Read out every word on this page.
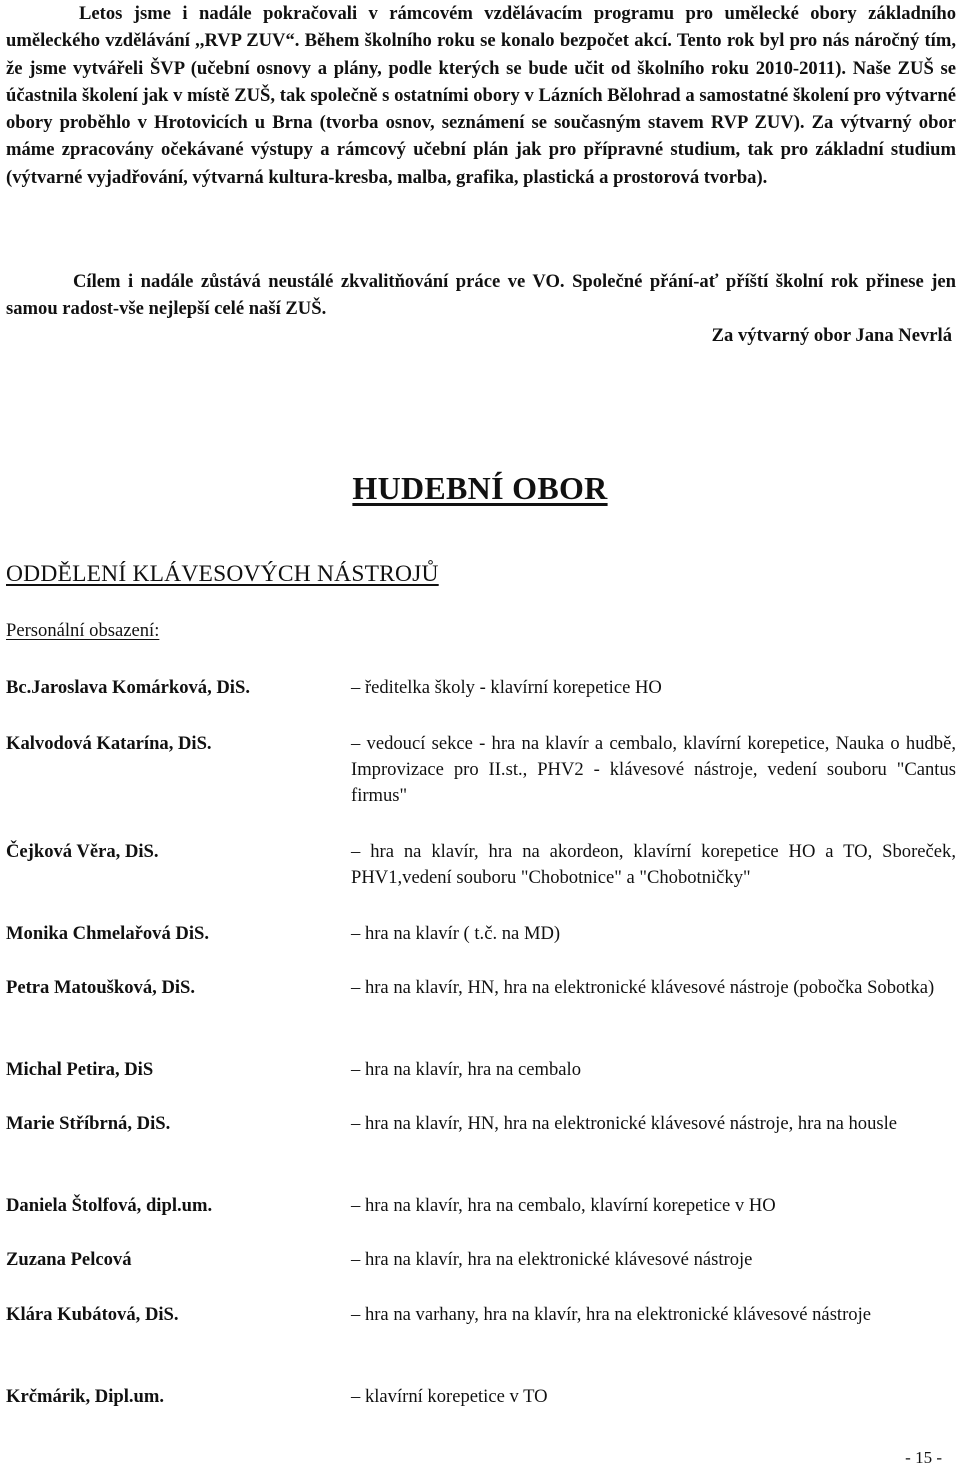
Letos jsme i nadále pokračovali v rámcovém vzdělávacím programu pro umělecké obory základního uměleckého vzdělávání ,,RVP ZUV“. Během školního roku se konalo bezpočet akcí. Tento rok byl pro nás náročný tím, že jsme vytvářeli ŠVP (učební osnovy a plány, podle kterých se bude učit od školního roku 2010-2011). Naše ZUŠ se účastnila školení jak v místě ZUŠ, tak společně s ostatními obory v Lázních Bělohrad a samostatné školení pro výtvarné obory proběhlo v Hrotovicích u Brna (tvorba osnov, seznámení se současným stavem RVP ZUV). Za výtvarný obor máme zpracovány očekávané výstupy a rámcový učební plán jak pro přípravné studium, tak pro základní studium (výtvarné vyjadřování, výtvarná kultura-kresba, malba, grafika, plastická a prostorová tvorba).

Cílem i nadále zůstává neustálé zkvalitňování práce ve VO. Společné přání-ať příští školní rok přinese jen samou radost-vše nejlepší celé naší ZUŠ.

Za výtvarný obor Jana Nevrlá
HUDEBNÍ OBOR
ODDĚLENÍ KLÁVESOVÝCH NÁSTROJŮ
Personální obsazení:
Bc.Jaroslava Komárková, DiS.	– ředitelka školy - klavírní korepetice HO
Kalvodová Katarína, DiS.	– vedoucí sekce - hra na klavír a cembalo, klavírní korepetice, Nauka o hudbě, Improvizace pro II.st., PHV2 - klávesové nástroje, vedení souboru "Cantus firmus"
Čejková Věra, DiS.	– hra na klavír, hra na akordeon, klavírní korepetice HO a TO, Sboreček, PHV1,vedení souboru "Chobotnice" a "Chobotničky"
Monika Chmelařová DiS.	– hra na klavír ( t.č. na MD)
Petra Matoušková, DiS.	– hra na klavír, HN, hra na elektronické klávesové nástroje (pobočka Sobotka)
Michal Petira, DiS	– hra na klavír, hra na cembalo
Marie Stříbrná, DiS.	– hra na klavír, HN, hra na elektronické klávesové nástroje, hra na housle
Daniela Štolfová, dipl.um.	– hra na klavír, hra na cembalo, klavírní korepetice v HO
Zuzana Pelcová	– hra na klavír, hra na elektronické klávesové nástroje
Klára Kubátová, DiS.	– hra na varhany, hra na klavír, hra na elektronické klávesové nástroje
Krčmárik, Dipl.um.	– klavírní korepetice v TO
- 15 -
